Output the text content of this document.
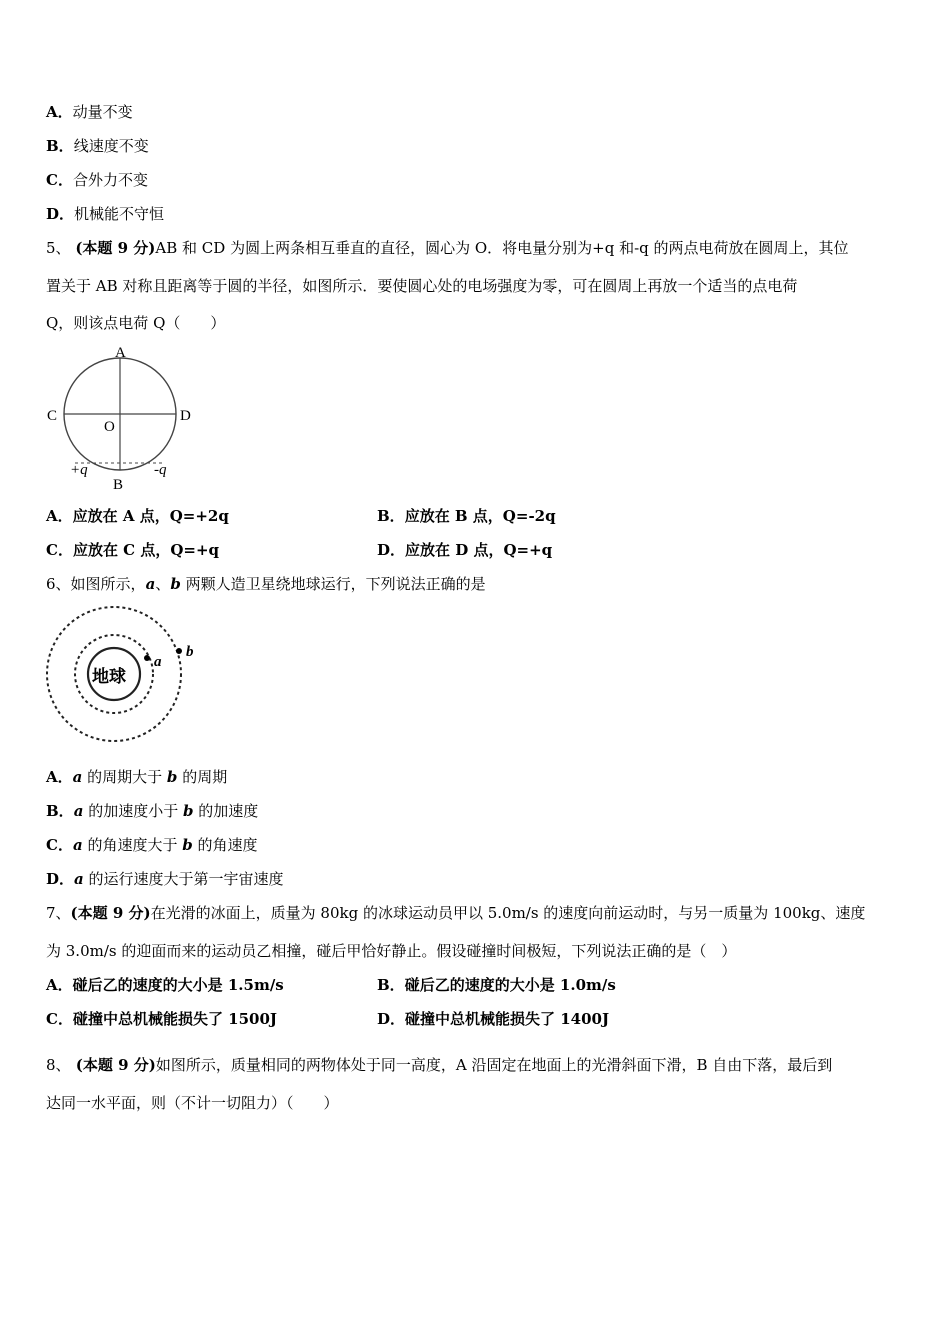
A．动量不变
B．线速度不变
C．合外力不变
D．机械能不守恒
5、 (本题 9 分)AB 和 CD 为圆上两条相互垂直的直径，圆心为 O．将电量分别为+q 和-q 的两点电荷放在圆周上，其位
置关于 AB 对称且距离等于圆的半径，如图所示．要使圆心处的电场强度为零，可在圆周上再放一个适当的点电荷
Q，则该点电荷 Q（　　）
A
C	D
O
B
+q	-q
A．应放在 A 点，Q=+2q	B．应放在 B 点，Q=-2q
C．应放在 C 点，Q=+q	D．应放在 D 点，Q=+q
6、如图所示，a、b 两颗人造卫星绕地球运行，下列说法正确的是
地球
a
b
A．a 的周期大于 b 的周期
B．a 的加速度小于 b 的加速度
C．a 的角速度大于 b 的角速度
D．a 的运行速度大于第一宇宙速度
7、(本题 9 分)在光滑的冰面上，质量为 80kg 的冰球运动员甲以 5.0m/s 的速度向前运动时，与另一质量为 100kg、速度
为 3.0m/s 的迎面而来的运动员乙相撞，碰后甲恰好静止。假设碰撞时间极短，下列说法正确的是（　）
A．碰后乙的速度的大小是 1.5m/s	B．碰后乙的速度的大小是 1.0m/s
C．碰撞中总机械能损失了 1500J	D．碰撞中总机械能损失了 1400J
8、 (本题 9 分)如图所示，质量相同的两物体处于同一高度，A 沿固定在地面上的光滑斜面下滑，B 自由下落，最后到
达同一水平面，则（不计一切阻力）（　　）
